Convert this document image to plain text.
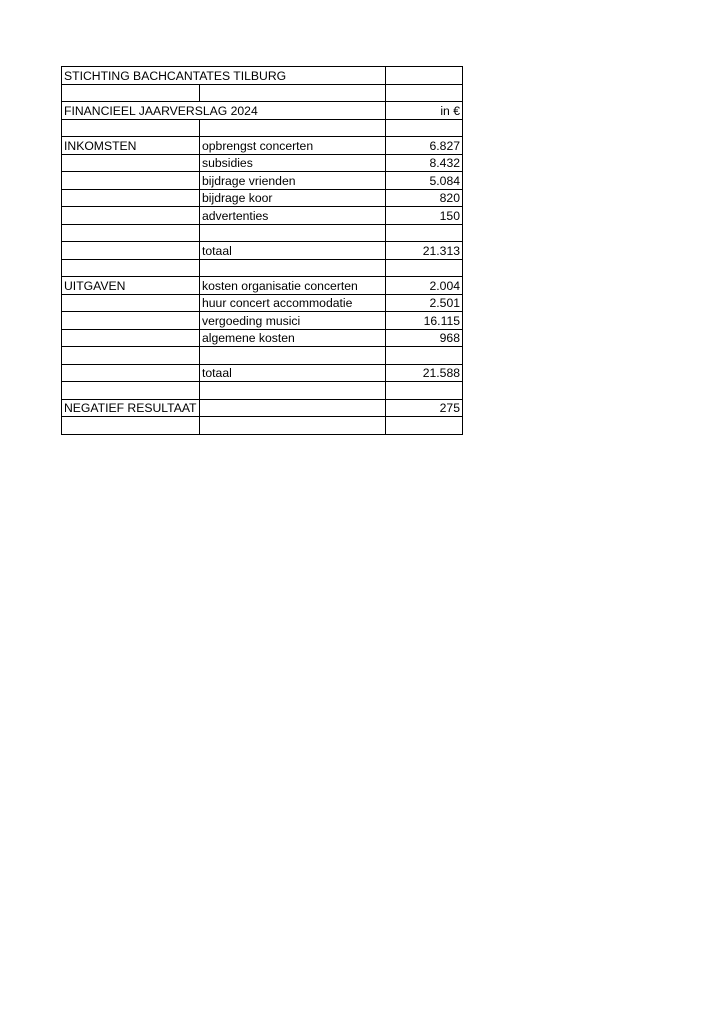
STICHTING BACHCANTATES TILBURG		

FINANCIEEL JAARVERSLAG 2024		in €

INKOMSTEN	opbrengst concerten	6.827
	subsidies	8.432
	bijdrage vrienden	5.084
	bijdrage koor	820
	advertenties	150

	totaal	21.313

UITGAVEN	kosten organisatie concerten	2.004
	huur concert accommodatie	2.501
	vergoeding musici	16.115
	algemene kosten	968

	totaal	21.588

NEGATIEF RESULTAAT		275
